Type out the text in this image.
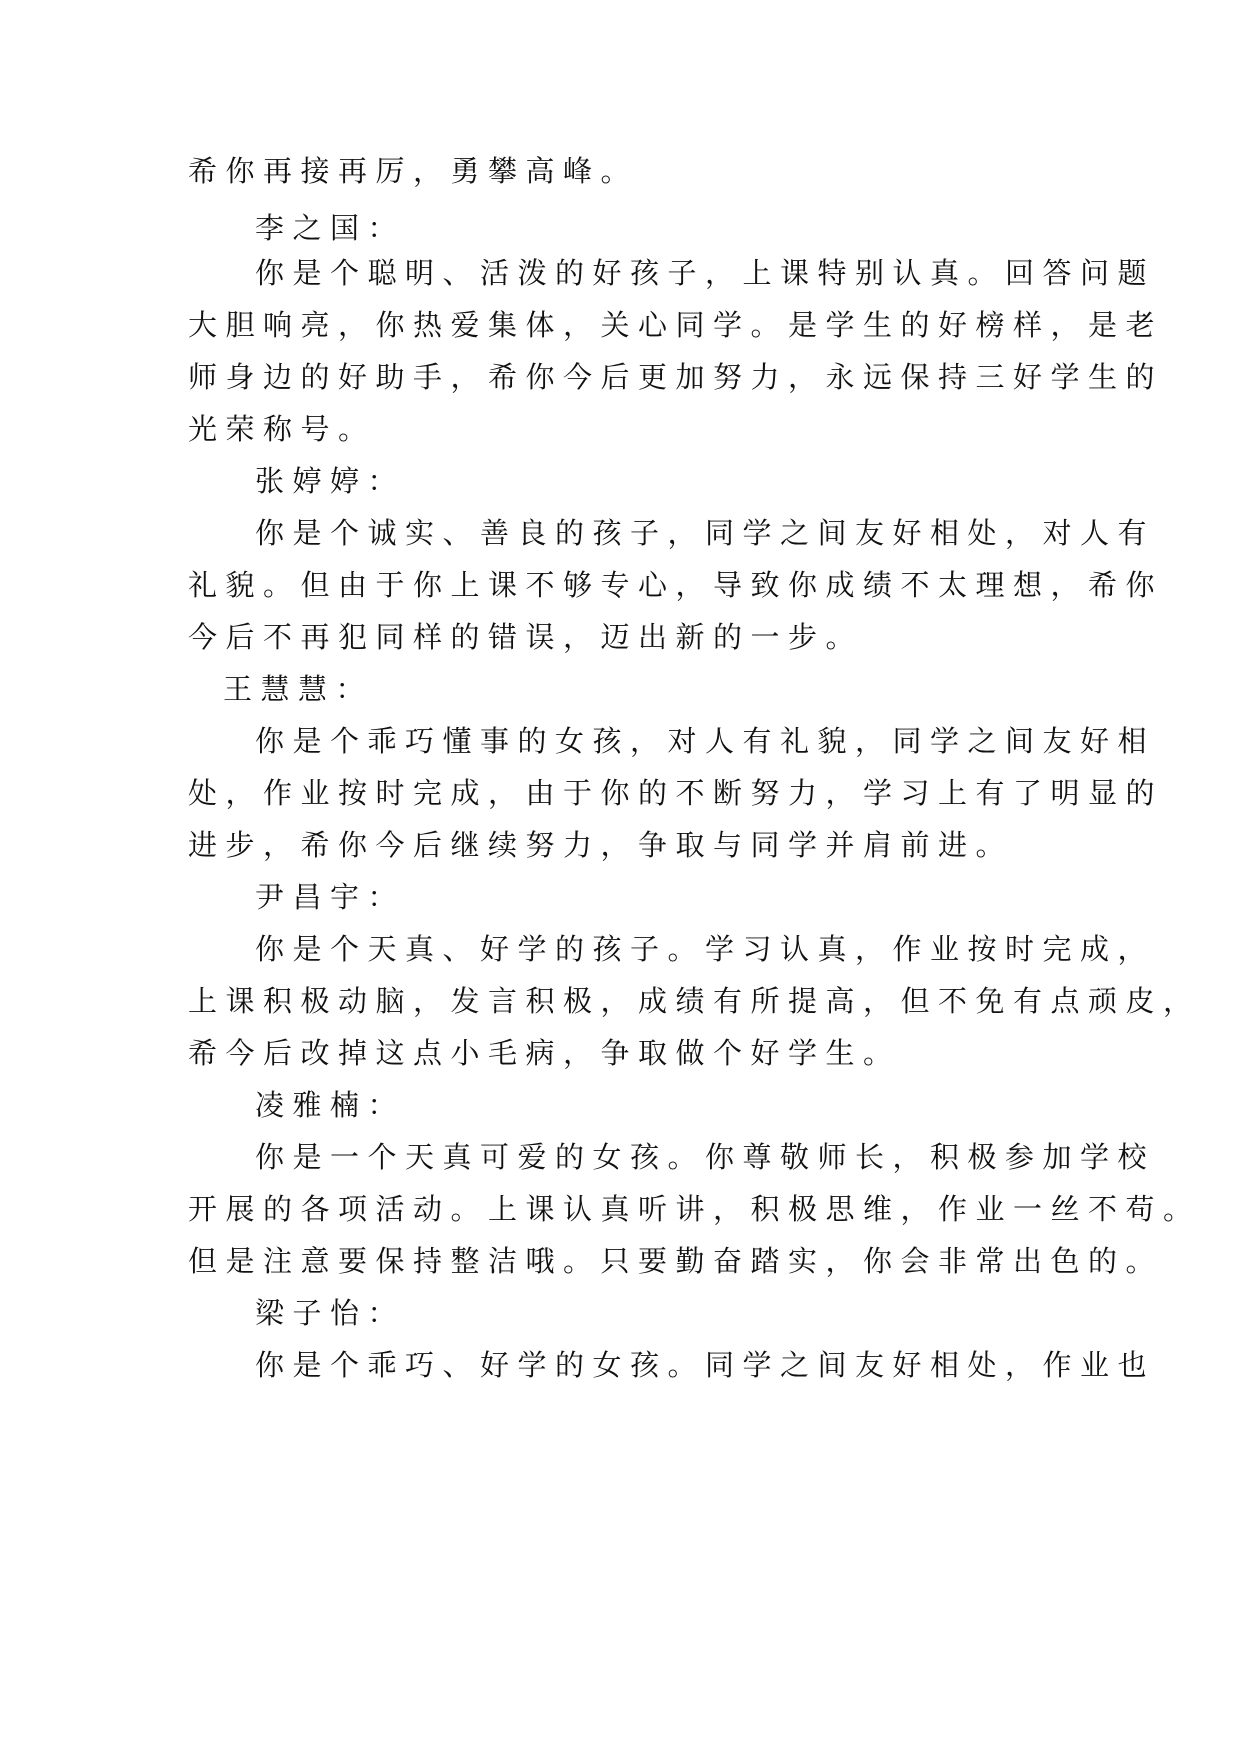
希你再接再厉，勇攀高峰。
李之国：
你是个聪明、活泼的好孩子，上课特别认真。回答问题
大胆响亮，你热爱集体，关心同学。是学生的好榜样，是老
师身边的好助手，希你今后更加努力，永远保持三好学生的
光荣称号。
张婷婷：
你是个诚实、善良的孩子，同学之间友好相处，对人有
礼貌。但由于你上课不够专心，导致你成绩不太理想，希你
今后不再犯同样的错误，迈出新的一步。
王慧慧：
你是个乖巧懂事的女孩，对人有礼貌，同学之间友好相
处，作业按时完成，由于你的不断努力，学习上有了明显的
进步，希你今后继续努力，争取与同学并肩前进。
尹昌宇：
你是个天真、好学的孩子。学习认真，作业按时完成，
上课积极动脑，发言积极，成绩有所提高，但不免有点顽皮，
希今后改掉这点小毛病，争取做个好学生。
凌雅楠：
你是一个天真可爱的女孩。你尊敬师长，积极参加学校
开展的各项活动。上课认真听讲，积极思维，作业一丝不苟。
但是注意要保持整洁哦。只要勤奋踏实，你会非常出色的。
梁子怡：
你是个乖巧、好学的女孩。同学之间友好相处，作业也
